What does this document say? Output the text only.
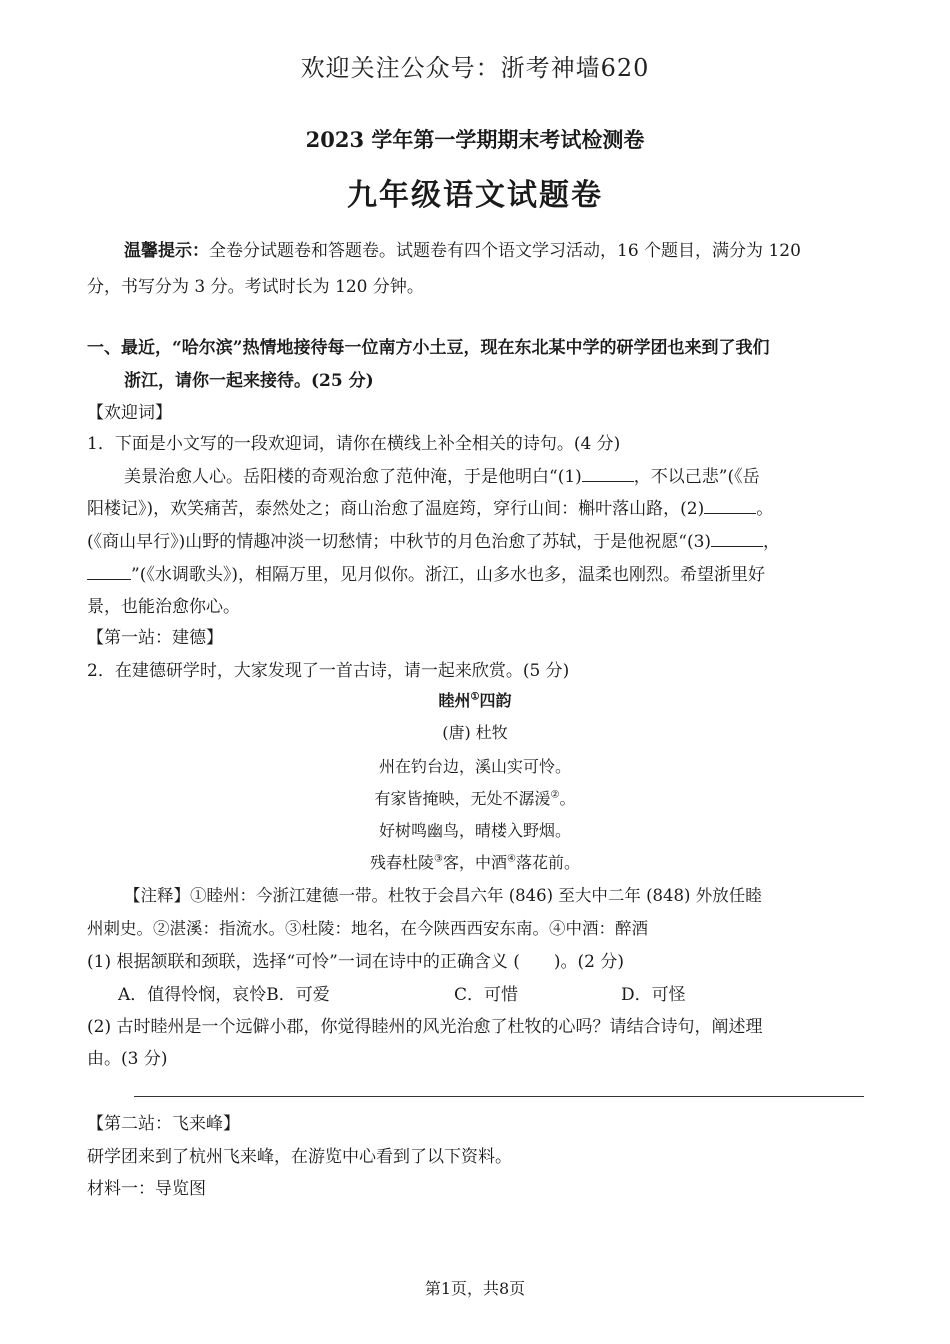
欢迎关注公众号：浙考神墙620
2023 学年第一学期期末考试检测卷
九年级语文试题卷
温馨提示：全卷分试题卷和答题卷。试题卷有四个语文学习活动，16 个题目，满分为 120
分，书写分为 3 分。考试时长为 120 分钟。
一、最近，“哈尔滨”热情地接待每一位南方小土豆，现在东北某中学的研学团也来到了我们
浙江，请你一起来接待。(25 分)
【欢迎词】
1．下面是小文写的一段欢迎词，请你在横线上补全相关的诗句。(4 分)
美景治愈人心。岳阳楼的奇观治愈了范仲淹，于是他明白“(1)	，不以己悲”(《岳
阳楼记》)，欢笑痛苦，泰然处之；商山治愈了温庭筠，穿行山间：槲叶落山路，(2)	。
(《商山早行》)山野的情趣冲淡一切愁情；中秋节的月色治愈了苏轼，于是他祝愿“(3)	，
”(《水调歌头》)，相隔万里，见月似你。浙江，山多水也多，温柔也刚烈。希望浙里好
景，也能治愈你心。
【第一站：建德】
2．在建德研学时，大家发现了一首古诗，请一起来欣赏。(5 分)
睦州①四韵
(唐) 杜牧
州在钓台边，溪山实可怜。
有家皆掩映，无处不潺湲②。
好树鸣幽鸟，晴楼入野烟。
残春杜陵③客，中酒④落花前。
【注释】①睦州：今浙江建德一带。杜牧于会昌六年 (846) 至大中二年 (848) 外放任睦
州刺史。②湛溪：指流水。③杜陵：地名，在今陕西西安东南。④中酒：醉酒
(1) 根据颔联和颈联，选择“可怜”一词在诗中的正确含义 (　　)。(2 分)
A．值得怜悯，哀怜B．可爱	C．可惜	D．可怪
(2) 古时睦州是一个远僻小郡，你觉得睦州的风光治愈了杜牧的心吗？请结合诗句，阐述理
由。(3 分)
【第二站：飞来峰】
研学团来到了杭州飞来峰，在游览中心看到了以下资料。
材料一：导览图
第1页，共8页
